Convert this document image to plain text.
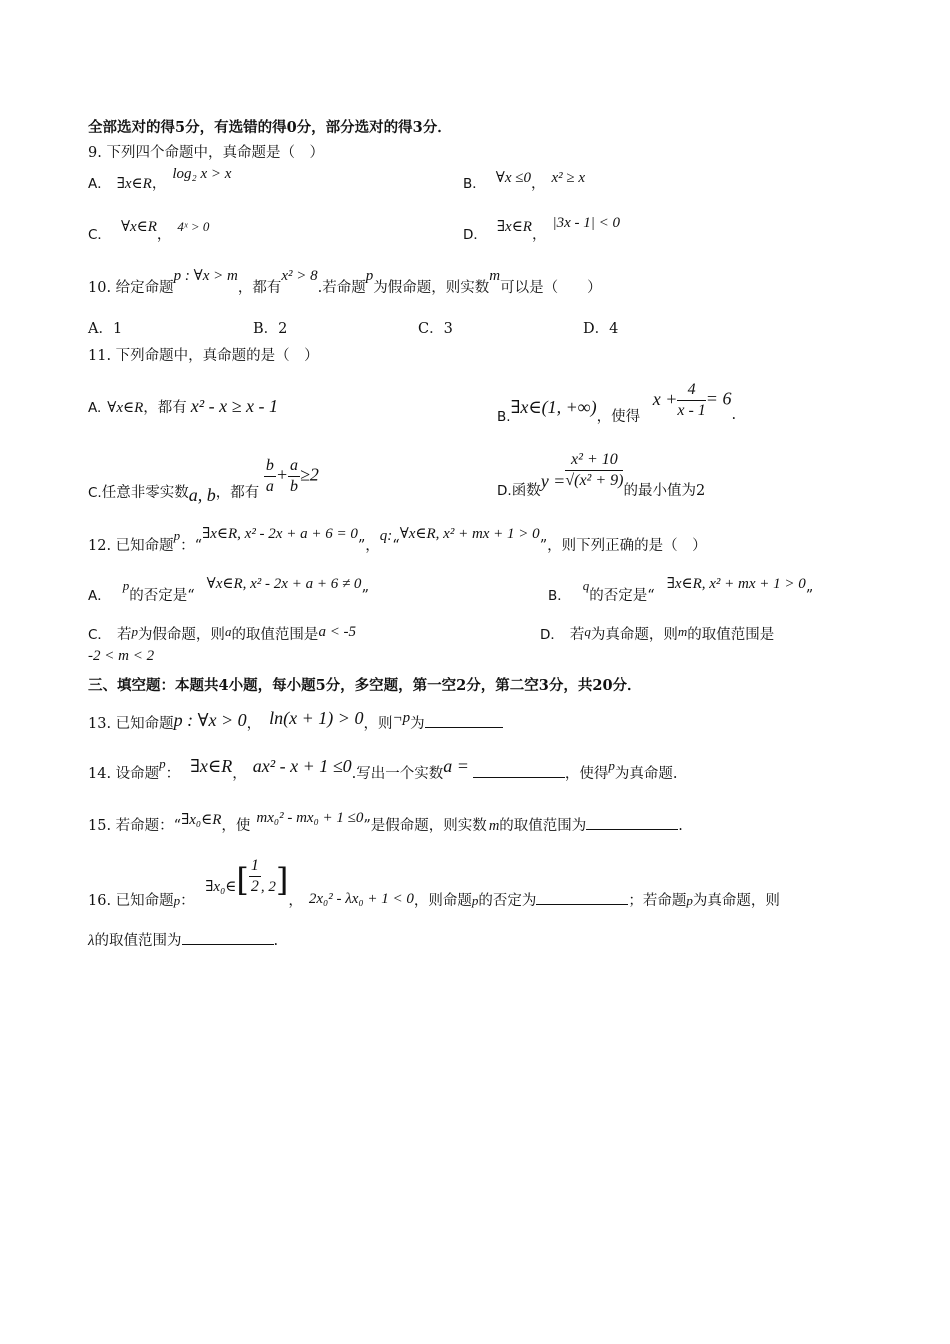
全部选对的得5分，有选错的得0分，部分选对的得3分．
9. 下列四个命题中，真命题是（　）
A． ∃x∈R，log₂ x > x
B． ∀x ≤0， x² ≥ x
C． ∀x∈R，4ˣ > 0
D． ∃x∈R，|3x - 1| < 0
10. 给定命题p : ∀x > m，都有x² > 8.若命题p为假命题，则实数m可以是（　　）
A．1	B．2	C．3	D．4
11. 下列命题中，真命题的是（　）
A. ∀x∈R，都有 x² - x ≥ x - 1
B.∃x∈(1, +∞)，使得 $x + \frac{4}{x - 1} = 6$.
C.任意非零实数a, b，都有 $\frac{b}{a} + \frac{a}{b} \ge 2$
D.函数$y = \frac{\text{x² + 10}}{\text{√(x² + 9)}}$ 的最小值为2
12. 已知命题p：“∃x∈R, x² - 2x + a + 6 = 0”，q:“∀x∈R, x² + mx + 1 > 0”，则下列正确的是（　）
A．p的否定是“∀x∈R, x² - 2x + a + 6 ≠ 0”	B．q的否定是“∃x∈R, x² + mx + 1 > 0”
C． 若p为假命题，则a的取值范围是a < -5
-2 < m < 2
D． 若q为真命题，则m的取值范围是
三、填空题：本题共4小题，每小题5分，多空题，第一空2分，第二空3分，共20分．
13. 已知命题p : ∀x > 0， ln(x + 1) > 0，则¬p为
14. 设命题p： ∃x∈R， ax² - x + 1 ≤0.写出一个实数a =	，使得p为真命题.
15. 若命题：“∃x₀∈R，使 mx₀² - mx₀ + 1 ≤0”是假命题，则实数 m的取值范围为	.
16. 已知命题p： ∃x₀∈[ $\frac{1}{2}$ , 2]， 2x₀² - λx₀ + 1 < 0，则命题p的否定为	；若命题p为真命题，则
λ的取值范围为	.
